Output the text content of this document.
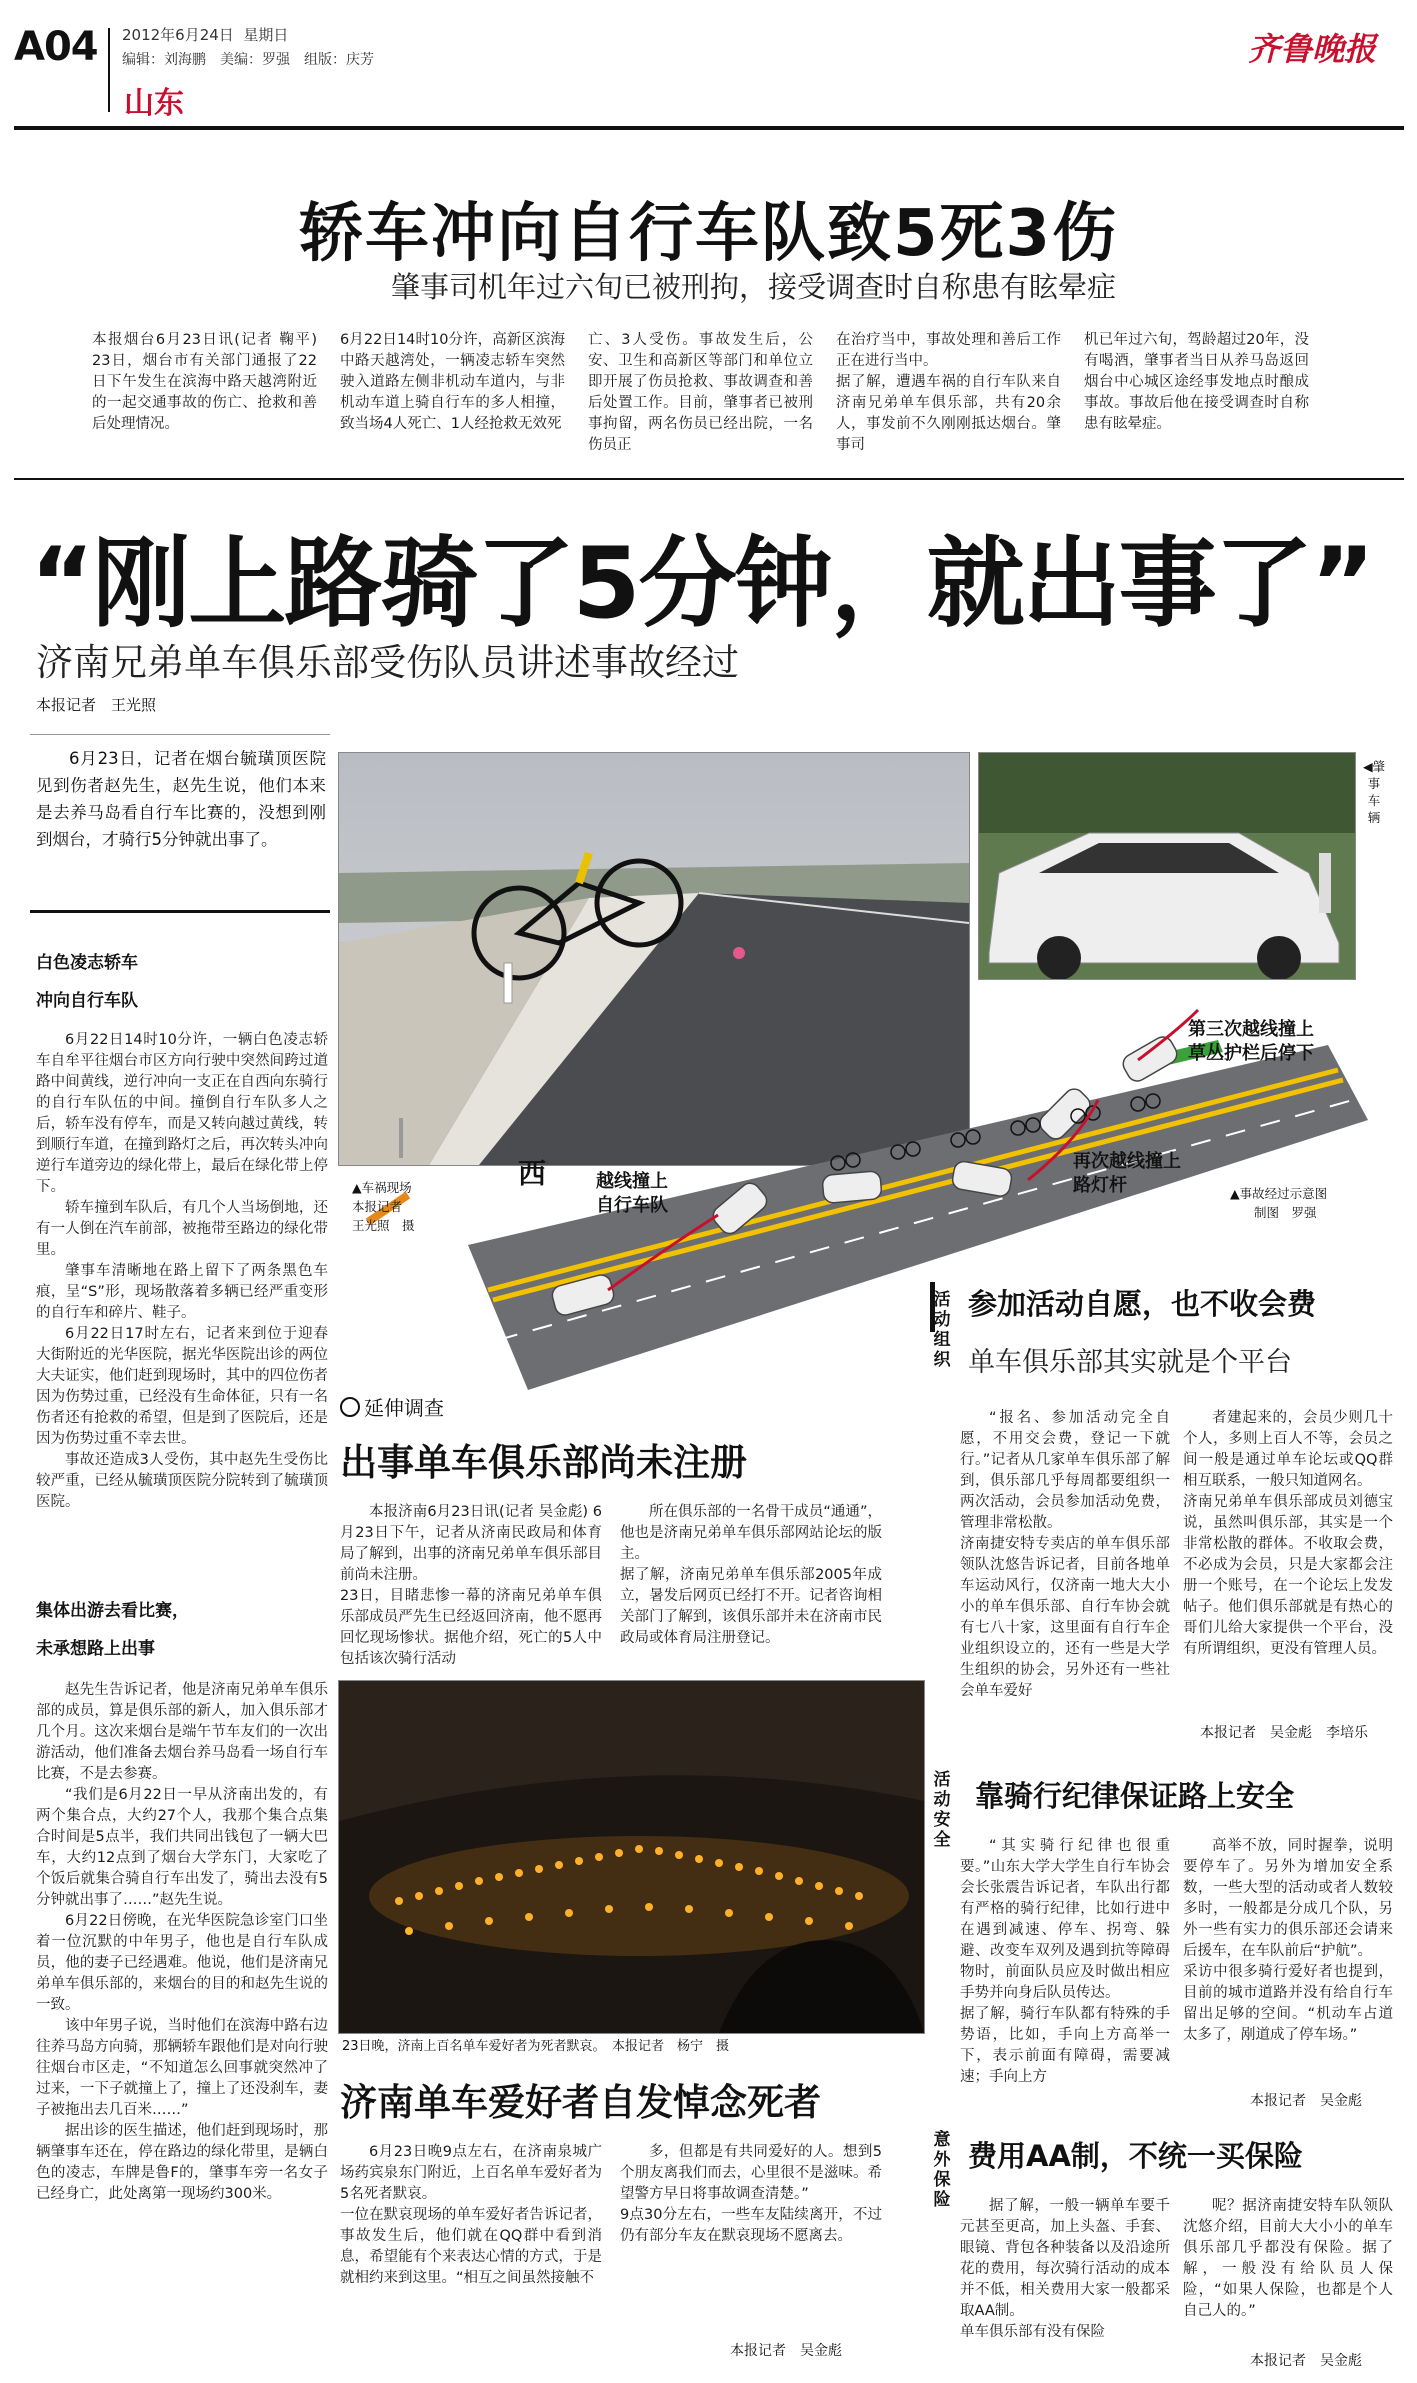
A04 2012年6月24日 星期日
编辑：刘海鹏　美编：罗强　组版：庆芳
山东
齐鲁晚报
轿车冲向自行车队致5死3伤
肇事司机年过六旬已被刑拘，接受调查时自称患有眩晕症
本报烟台6月23日讯(记者 鞠平) 23日，烟台市有关部门通报了22日下午发生在滨海中路天越湾附近的一起交通事故的伤亡、抢救和善后处理情况。
6月22日14时10分许，高新区滨海中路天越湾处，一辆凌志轿车突然驶入道路左侧非机动车道内，与非机动车道上骑自行车的多人相撞，致当场4人死亡、1人经抢救无效死
亡、3人受伤。事故发生后，公安、卫生和高新区等部门和单位立即开展了伤员抢救、事故调查和善后处置工作。目前，肇事者已被刑事拘留，两名伤员已经出院，一名伤员正
在治疗当中，事故处理和善后工作正在进行当中。
据了解，遭遇车祸的自行车队来自济南兄弟单车俱乐部，共有20余人，事发前不久刚刚抵达烟台。肇事司
机已年过六旬，驾龄超过20年，没有喝酒，肇事者当日从养马岛返回烟台中心城区途经事发地点时酿成事故。事故后他在接受调查时自称患有眩晕症。
“刚上路骑了5分钟，就出事了”
济南兄弟单车俱乐部受伤队员讲述事故经过
本报记者　王光照
6月23日，记者在烟台毓璜顶医院见到伤者赵先生，赵先生说，他们本来是去养马岛看自行车比赛的，没想到刚到烟台，才骑行5分钟就出事了。
白色凌志轿车
冲向自行车队

6月22日14时10分许，一辆白色凌志轿车自牟平往烟台市区方向行驶中突然间跨过道路中间黄线，逆行冲向一支正在自西向东骑行的自行车队伍的中间。撞倒自行车队多人之后，轿车没有停车，而是又转向越过黄线，转到顺行车道，在撞到路灯之后，再次转头冲向逆行车道旁边的绿化带上，最后在绿化带上停下。

轿车撞到车队后，有几个人当场倒地，还有一人倒在汽车前部，被拖带至路边的绿化带里。

肇事车清晰地在路上留下了两条黑色车痕，呈“S”形，现场散落着多辆已经严重变形的自行车和碎片、鞋子。

6月22日17时左右，记者来到位于迎春大街附近的光华医院，据光华医院出诊的两位大夫证实，他们赶到现场时，其中的四位伤者因为伤势过重，已经没有生命体征，只有一名伤者还有抢救的希望，但是到了医院后，还是因为伤势过重不幸去世。

事故还造成3人受伤，其中赵先生受伤比较严重，已经从毓璜顶医院分院转到了毓璜顶医院。

集体出游去看比赛，
未承想路上出事

赵先生告诉记者，他是济南兄弟单车俱乐部的成员，算是俱乐部的新人，加入俱乐部才几个月。这次来烟台是端午节车友们的一次出游活动，他们准备去烟台养马岛看一场自行车比赛，不是去参赛。

“我们是6月22日一早从济南出发的，有两个集合点，大约27个人，我那个集合点集合时间是5点半，我们共同出钱包了一辆大巴车，大约12点到了烟台大学东门，大家吃了个饭后就集合骑自行车出发了，骑出去没有5分钟就出事了……”赵先生说。

6月22日傍晚，在光华医院急诊室门口坐着一位沉默的中年男子，他也是自行车队成员，他的妻子已经遇难。他说，他们是济南兄弟单车俱乐部的，来烟台的目的和赵先生说的一致。

该中年男子说，当时他们在滨海中路右边往养马岛方向骑，那辆轿车跟他们是对向行驶往烟台市区走，“不知道怎么回事就突然冲了过来，一下子就撞上了，撞上了还没刹车，妻子被拖出去几百米……”

据出诊的医生描述，他们赶到现场时，那辆肇事车还在，停在路边的绿化带里，是辆白色的凌志，车牌是鲁F的，肇事车旁一名女子已经身亡，此处离第一现场约300米。

◀肇事车辆
西	越线撞上
自行车队
再次越线撞上
路灯杆
第三次越线撞上
草丛护栏后停下
▲车祸现场
本报记者
王光照　摄
▲事故经过示意图
制图　罗强
延伸调查
出事单车俱乐部尚未注册
本报济南6月23日讯(记者 吴金彪) 6月23日下午，记者从济南民政局和体育局了解到，出事的济南兄弟单车俱乐部目前尚未注册。
23日，目睹悲惨一幕的济南兄弟单车俱乐部成员严先生已经返回济南，他不愿再回忆现场惨状。据他介绍，死亡的5人中包括该次骑行活动
所在俱乐部的一名骨干成员“通通”，他也是济南兄弟单车俱乐部网站论坛的版主。
据了解，济南兄弟单车俱乐部2005年成立，暑发后网页已经打不开。记者咨询相关部门了解到，该俱乐部并未在济南市民政局或体育局注册登记。
23日晚，济南上百名单车爱好者为死者默哀。　本报记者　杨宁　摄
济南单车爱好者自发悼念死者
6月23日晚9点左右，在济南泉城广场药宾泉东门附近，上百名单车爱好者为5名死者默哀。
一位在默哀现场的单车爱好者告诉记者，事故发生后，他们就在QQ群中看到消息，希望能有个来表达心情的方式，于是就相约来到这里。“相互之间虽然接触不
多，但都是有共同爱好的人。想到5个朋友离我们而去，心里很不是滋味。希望警方早日将事故调查清楚。”
9点30分左右，一些车友陆续离开，不过仍有部分车友在默哀现场不愿离去。
本报记者　吴金彪
活动组织
参加活动自愿，也不收会费
单车俱乐部其实就是个平台
“报名、参加活动完全自愿，不用交会费，登记一下就行。”记者从几家单车俱乐部了解到，俱乐部几乎每周都要组织一两次活动，会员参加活动免费，管理非常松散。
济南捷安特专卖店的单车俱乐部领队沈悠告诉记者，目前各地单车运动风行，仅济南一地大大小小的单车俱乐部、自行车协会就有七八十家，这里面有自行车企业组织设立的，还有一些是大学生组织的协会，另外还有一些社会单车爱好
者建起来的，会员少则几十个人，多则上百人不等，会员之间一般是通过单车论坛或QQ群相互联系，一般只知道网名。
济南兄弟单车俱乐部成员刘德宝说，虽然叫俱乐部，其实是一个非常松散的群体。不收取会费，不必成为会员，只是大家都会注册一个账号，在一个论坛上发发帖子。他们俱乐部就是有热心的哥们儿给大家提供一个平台，没有所谓组织，更没有管理人员。
本报记者　吴金彪　李培乐
活动安全
靠骑行纪律保证路上安全
“其实骑行纪律也很重要。”山东大学大学生自行车协会会长张震告诉记者，车队出行都有严格的骑行纪律，比如行进中在遇到减速、停车、拐弯、躲避、改变车双列及遇到抗等障碍物时，前面队员应及时做出相应手势并向身后队员传达。
据了解，骑行车队都有特殊的手势语，比如，手向上方高举一下，表示前面有障碍，需要减速；手向上方
高举不放，同时握拳，说明要停车了。另外为增加安全系数，一些大型的活动或者人数较多时，一般都是分成几个队，另外一些有实力的俱乐部还会请来后援车，在车队前后“护航”。
采访中很多骑行爱好者也提到，目前的城市道路并没有给自行车留出足够的空间。“机动车占道太多了，剐道成了停车场。”
本报记者　吴金彪
意外保险
费用AA制，不统一买保险
据了解，一般一辆单车要千元甚至更高，加上头盔、手套、眼镜、背包各种装备以及沿途所花的费用，每次骑行活动的成本并不低，相关费用大家一般都采取AA制。
单车俱乐部有没有保险
呢？据济南捷安特车队领队沈悠介绍，目前大大小小的单车俱乐部几乎都没有保险。据了解，一般没有给队员人保险，“如果人保险，也都是个人自己人的。”
本报记者　吴金彪
